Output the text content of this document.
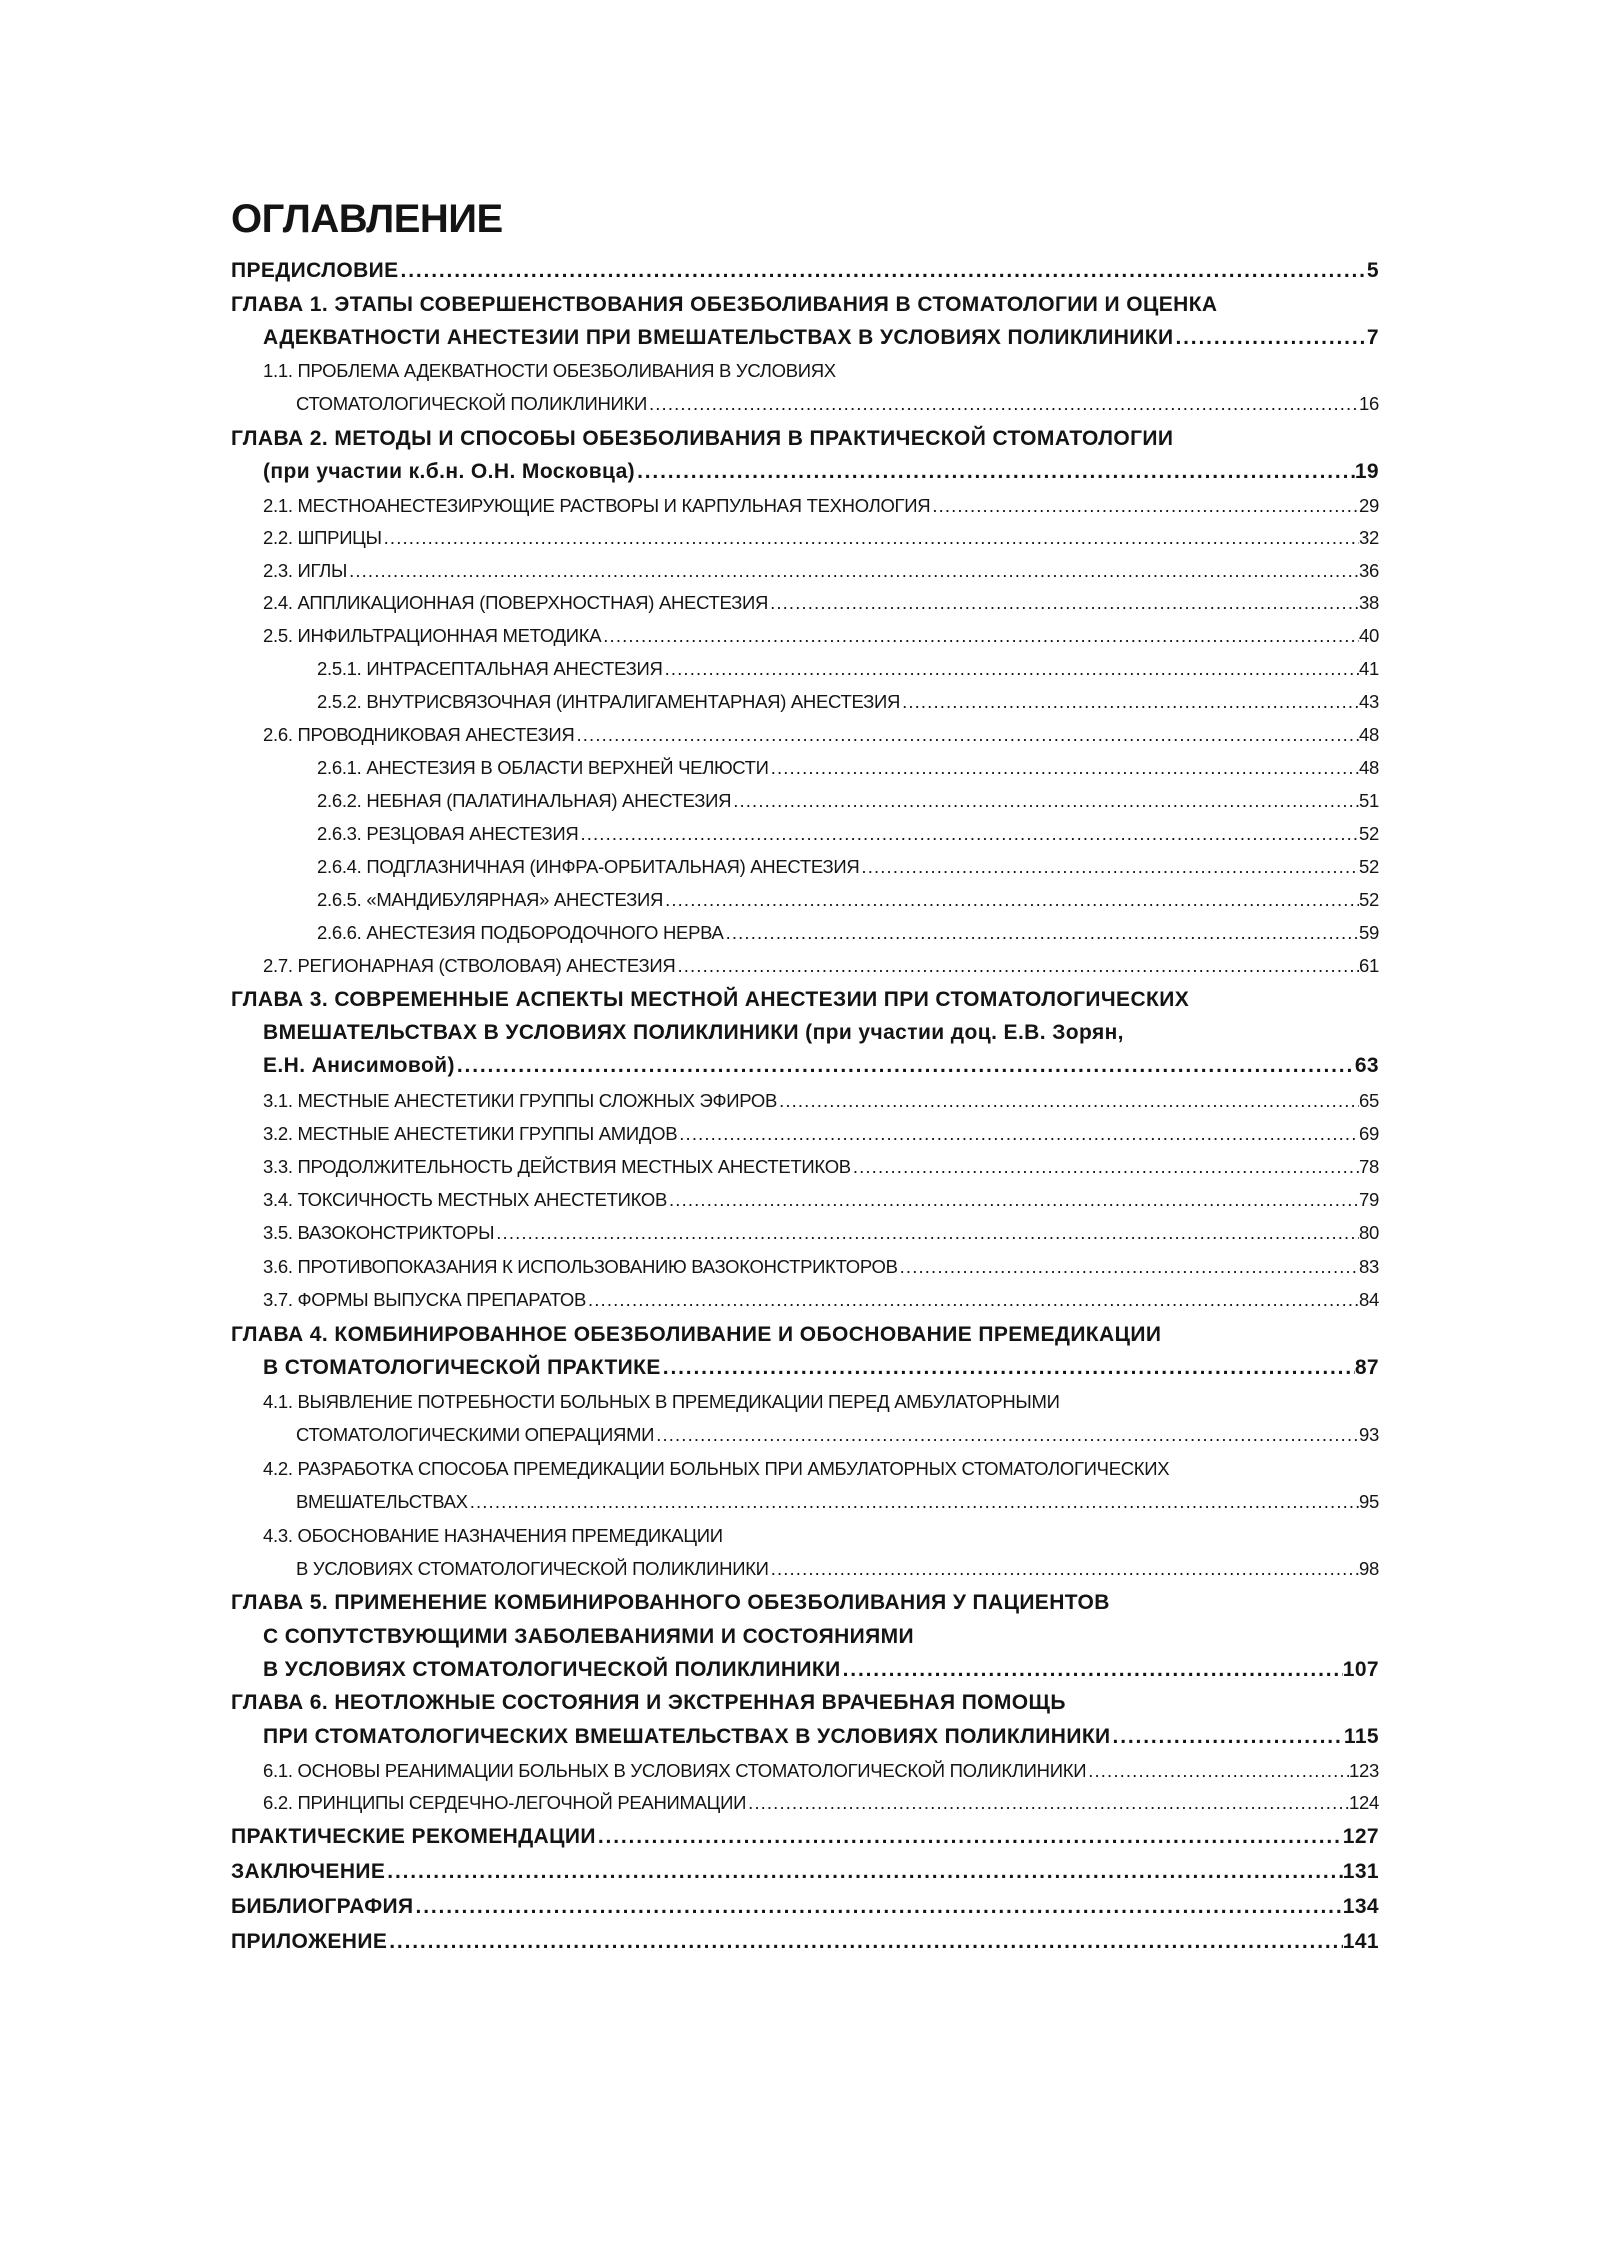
ОГЛАВЛЕНИЕ
ПРЕДИСЛОВИЕ . . .	5
ГЛАВА 1. ЭТАПЫ СОВЕРШЕНСТВОВАНИЯ ОБЕЗБОЛИВАНИЯ В СТОМАТОЛОГИИ И ОЦЕНКА
АДЕКВАТНОСТИ АНЕСТЕЗИИ ПРИ ВМЕШАТЕЛЬСТВАХ В УСЛОВИЯХ ПОЛИКЛИНИКИ . . .	7
1.1. ПРОБЛЕМА АДЕКВАТНОСТИ ОБЕЗБОЛИВАНИЯ В УСЛОВИЯХ
СТОМАТОЛОГИЧЕСКОЙ ПОЛИКЛИНИКИ . . .	16
ГЛАВА 2. МЕТОДЫ И СПОСОБЫ ОБЕЗБОЛИВАНИЯ В ПРАКТИЧЕСКОЙ СТОМАТОЛОГИИ
(при участии к.б.н. О.Н. Московца) . . .	19
2.1. МЕСТНОАНЕСТЕЗИРУЮЩИЕ РАСТВОРЫ И КАРПУЛЬНАЯ ТЕХНОЛОГИЯ . . .	29
2.2. ШПРИЦЫ . . .	32
2.3. ИГЛЫ . . .	36
2.4. АППЛИКАЦИОННАЯ (ПОВЕРХНОСТНАЯ) АНЕСТЕЗИЯ . . .	38
2.5. ИНФИЛЬТРАЦИОННАЯ МЕТОДИКА . . .	40
2.5.1. ИНТРАСЕПТАЛЬНАЯ АНЕСТЕЗИЯ . . .	41
2.5.2. ВНУТРИСВЯЗОЧНАЯ (ИНТРАЛИГАМЕНТАРНАЯ) АНЕСТЕЗИЯ . . .	43
2.6. ПРОВОДНИКОВАЯ АНЕСТЕЗИЯ . . .	48
2.6.1. АНЕСТЕЗИЯ В ОБЛАСТИ ВЕРХНЕЙ ЧЕЛЮСТИ . . .	48
2.6.2. НЕБНАЯ (ПАЛАТИНАЛЬНАЯ) АНЕСТЕЗИЯ . . .	51
2.6.3. РЕЗЦОВАЯ АНЕСТЕЗИЯ . . .	52
2.6.4. ПОДГЛАЗНИЧНАЯ (ИНФРА-ОРБИТАЛЬНАЯ) АНЕСТЕЗИЯ . . .	52
2.6.5. «МАНДИБУЛЯРНАЯ» АНЕСТЕЗИЯ . . .	52
2.6.6. АНЕСТЕЗИЯ ПОДБОРОДОЧНОГО НЕРВА . . .	59
2.7. РЕГИОНАРНАЯ (СТВОЛОВАЯ) АНЕСТЕЗИЯ . . .	61
ГЛАВА 3. СОВРЕМЕННЫЕ АСПЕКТЫ МЕСТНОЙ АНЕСТЕЗИИ ПРИ СТОМАТОЛОГИЧЕСКИХ
ВМЕШАТЕЛЬСТВАХ В УСЛОВИЯХ ПОЛИКЛИНИКИ (при участии доц. Е.В. Зорян,
Е.Н. Анисимовой) . . .	63
3.1. МЕСТНЫЕ АНЕСТЕТИКИ ГРУППЫ СЛОЖНЫХ ЭФИРОВ . . .	65
3.2. МЕСТНЫЕ АНЕСТЕТИКИ ГРУППЫ АМИДОВ . . .	69
3.3. ПРОДОЛЖИТЕЛЬНОСТЬ ДЕЙСТВИЯ МЕСТНЫХ АНЕСТЕТИКОВ . . .	78
3.4. ТОКСИЧНОСТЬ МЕСТНЫХ АНЕСТЕТИКОВ . . .	79
3.5. ВАЗОКОНСТРИКТОРЫ . . .	80
3.6. ПРОТИВОПОКАЗАНИЯ К ИСПОЛЬЗОВАНИЮ ВАЗОКОНСТРИКТОРОВ . . .	83
3.7. ФОРМЫ ВЫПУСКА ПРЕПАРАТОВ . . .	84
ГЛАВА 4. КОМБИНИРОВАННОЕ ОБЕЗБОЛИВАНИЕ И ОБОСНОВАНИЕ ПРЕМЕДИКАЦИИ
В СТОМАТОЛОГИЧЕСКОЙ ПРАКТИКЕ . . .	87
4.1. ВЫЯВЛЕНИЕ ПОТРЕБНОСТИ БОЛЬНЫХ В ПРЕМЕДИКАЦИИ ПЕРЕД АМБУЛАТОРНЫМИ
СТОМАТОЛОГИЧЕСКИМИ ОПЕРАЦИЯМИ . . .	93
4.2. РАЗРАБОТКА СПОСОБА ПРЕМЕДИКАЦИИ БОЛЬНЫХ ПРИ АМБУЛАТОРНЫХ СТОМАТОЛОГИЧЕСКИХ
ВМЕШАТЕЛЬСТВАХ . . .	95
4.3. ОБОСНОВАНИЕ НАЗНАЧЕНИЯ ПРЕМЕДИКАЦИИ
В УСЛОВИЯХ СТОМАТОЛОГИЧЕСКОЙ ПОЛИКЛИНИКИ . . .	98
ГЛАВА 5. ПРИМЕНЕНИЕ КОМБИНИРОВАННОГО ОБЕЗБОЛИВАНИЯ У ПАЦИЕНТОВ
С СОПУТСТВУЮЩИМИ ЗАБОЛЕВАНИЯМИ И СОСТОЯНИЯМИ
В УСЛОВИЯХ СТОМАТОЛОГИЧЕСКОЙ ПОЛИКЛИНИКИ . . .	107
ГЛАВА 6. НЕОТЛОЖНЫЕ СОСТОЯНИЯ И ЭКСТРЕННАЯ ВРАЧЕБНАЯ ПОМОЩЬ
ПРИ СТОМАТОЛОГИЧЕСКИХ ВМЕШАТЕЛЬСТВАХ В УСЛОВИЯХ ПОЛИКЛИНИКИ . . .	115
6.1. ОСНОВЫ РЕАНИМАЦИИ БОЛЬНЫХ В УСЛОВИЯХ СТОМАТОЛОГИЧЕСКОЙ ПОЛИКЛИНИКИ . . .	123
6.2. ПРИНЦИПЫ СЕРДЕЧНО-ЛЕГОЧНОЙ РЕАНИМАЦИИ . . .	124
ПРАКТИЧЕСКИЕ РЕКОМЕНДАЦИИ . . .	127
ЗАКЛЮЧЕНИЕ . . .	131
БИБЛИОГРАФИЯ . . .	134
ПРИЛОЖЕНИЕ . . .	141
